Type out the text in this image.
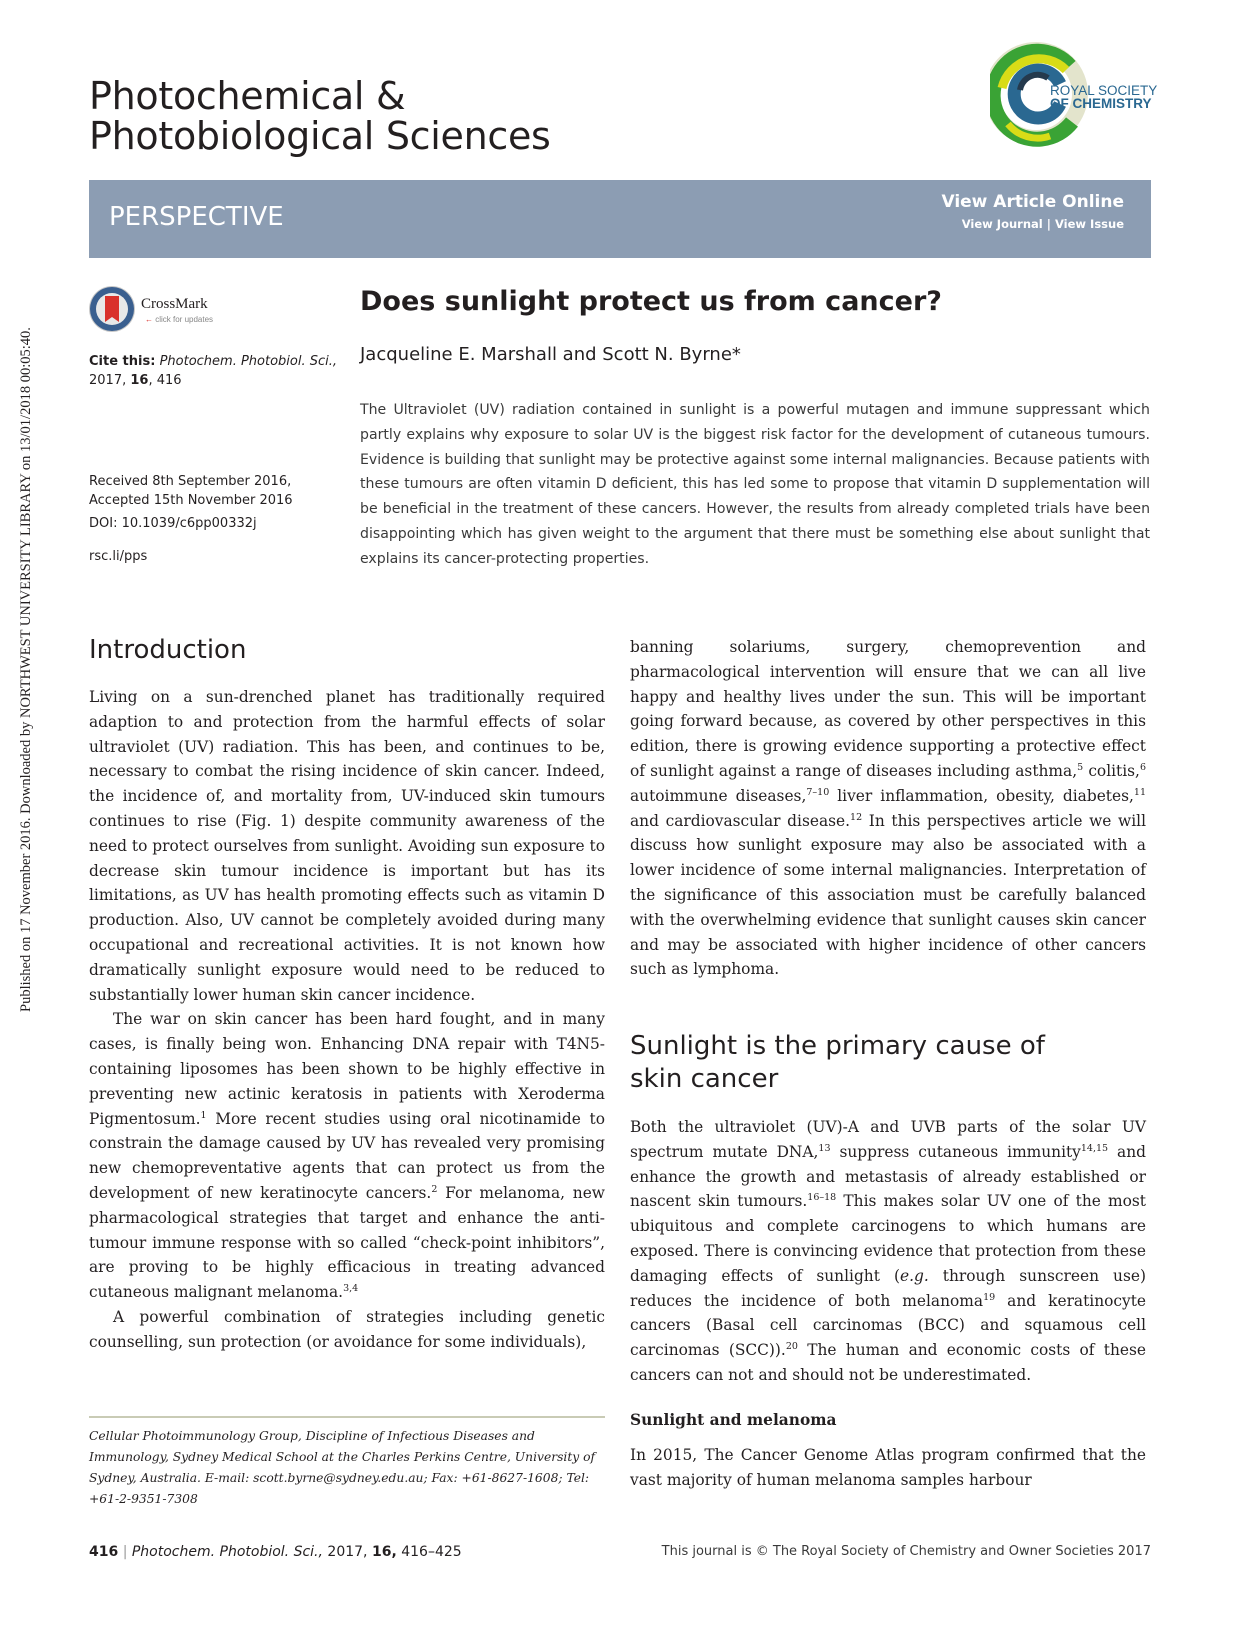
Published on 17 November 2016. Downloaded by NORTHWEST UNIVERSITY LIBRARY on 13/01/2018 00:05:40.
Photochemical &
Photobiological Sciences
ROYAL SOCIETY
OF CHEMISTRY
PERSPECTIVE	View Article Online
View Journal | View Issue
CrossMark
← click for updates
Cite this: Photochem. Photobiol. Sci.,
2017, 16, 416
Received 8th September 2016,
Accepted 15th November 2016
DOI: 10.1039/c6pp00332j
rsc.li/pps
Does sunlight protect us from cancer?
Jacqueline E. Marshall and Scott N. Byrne*
The Ultraviolet (UV) radiation contained in sunlight is a powerful mutagen and immune suppressant which partly explains why exposure to solar UV is the biggest risk factor for the development of cutaneous tumours. Evidence is building that sunlight may be protective against some internal malignancies. Because patients with these tumours are often vitamin D deficient, this has led some to propose that vitamin D supplementation will be beneficial in the treatment of these cancers. However, the results from already completed trials have been disappointing which has given weight to the argument that there must be something else about sunlight that explains its cancer-protecting properties.
Introduction

Living on a sun-drenched planet has traditionally required adaption to and protection from the harmful effects of solar ultraviolet (UV) radiation. This has been, and continues to be, necessary to combat the rising incidence of skin cancer. Indeed, the incidence of, and mortality from, UV-induced skin tumours continues to rise (Fig. 1) despite community awareness of the need to protect ourselves from sunlight. Avoiding sun exposure to decrease skin tumour incidence is important but has its limitations, as UV has health promoting effects such as vitamin D production. Also, UV cannot be completely avoided during many occupational and recreational activities. It is not known how dramatically sunlight exposure would need to be reduced to substantially lower human skin cancer incidence.

The war on skin cancer has been hard fought, and in many cases, is finally being won. Enhancing DNA repair with T4N5-containing liposomes has been shown to be highly effective in preventing new actinic keratosis in patients with Xeroderma Pigmentosum.$^1$ More recent studies using oral nicotinamide to constrain the damage caused by UV has revealed very promising new chemopreventative agents that can protect us from the development of new keratinocyte cancers.$^2$ For melanoma, new pharmacological strategies that target and enhance the anti-tumour immune response with so called “check-point inhibitors”, are proving to be highly efficacious in treating advanced cutaneous malignant melanoma.$^{3,4}$

A powerful combination of strategies including genetic counselling, sun protection (or avoidance for some individuals),

banning solariums, surgery, chemoprevention and pharmacological intervention will ensure that we can all live happy and healthy lives under the sun. This will be important going forward because, as covered by other perspectives in this edition, there is growing evidence supporting a protective effect of sunlight against a range of diseases including asthma,$^5$ colitis,$^6$ autoimmune diseases,$^{7-10}$ liver inflammation, obesity, diabetes,$^{11}$ and cardiovascular disease.$^{12}$ In this perspectives article we will discuss how sunlight exposure may also be associated with a lower incidence of some internal malignancies. Interpretation of the significance of this association must be carefully balanced with the overwhelming evidence that sunlight causes skin cancer and may be associated with higher incidence of other cancers such as lymphoma.

Sunlight is the primary cause of
skin cancer

Both the ultraviolet (UV)-A and UVB parts of the solar UV spectrum mutate DNA,$^{13}$ suppress cutaneous immunity$^{14,15}$ and enhance the growth and metastasis of already established or nascent skin tumours.$^{16-18}$ This makes solar UV one of the most ubiquitous and complete carcinogens to which humans are exposed. There is convincing evidence that protection from these damaging effects of sunlight (e.g. through sunscreen use) reduces the incidence of both melanoma$^{19}$ and keratinocyte cancers (Basal cell carcinomas (BCC) and squamous cell carcinomas (SCC)).$^{20}$ The human and economic costs of these cancers can not and should not be underestimated.

Sunlight and melanoma

In 2015, The Cancer Genome Atlas program confirmed that the vast majority of human melanoma samples harbour

Cellular Photoimmunology Group, Discipline of Infectious Diseases and Immunology, Sydney Medical School at the Charles Perkins Centre, University of Sydney, Australia. E-mail: scott.byrne@sydney.edu.au; Fax: +61-8627-1608; Tel: +61-2-9351-7308
416 | Photochem. Photobiol. Sci., 2017, 16, 416–425	This journal is © The Royal Society of Chemistry and Owner Societies 2017
